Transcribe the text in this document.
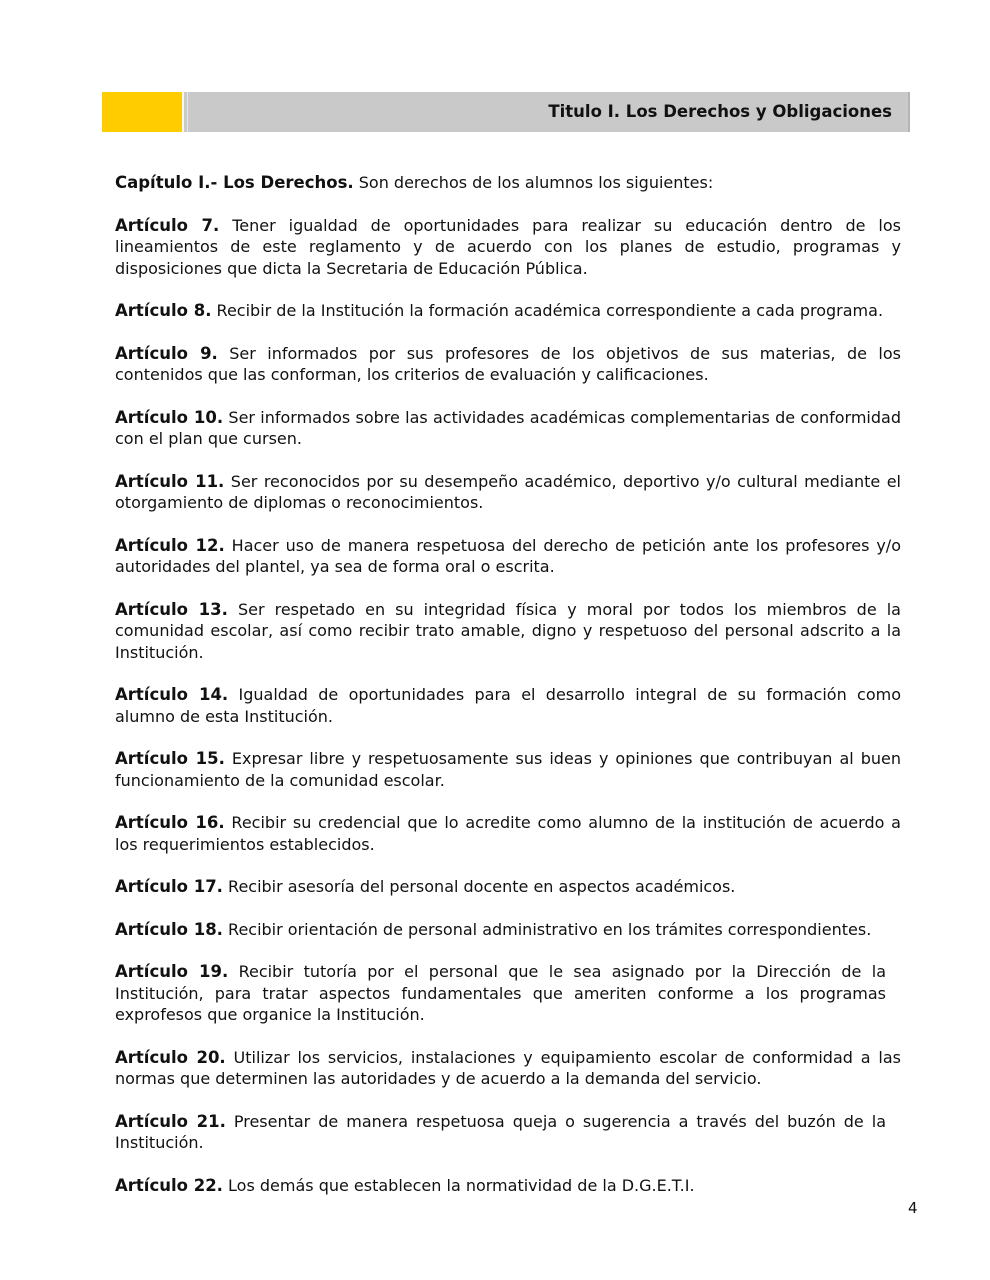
Titulo I. Los Derechos y Obligaciones

Capítulo I.- Los Derechos. Son derechos de los alumnos los siguientes:

Artículo 7. Tener igualdad de oportunidades para realizar su educación dentro de los lineamientos de este reglamento y de acuerdo con los planes de estudio, programas y disposiciones que dicta la Secretaria de Educación Pública.

Artículo 8. Recibir de la Institución la formación académica correspondiente a cada programa.

Artículo 9. Ser informados por sus profesores de los objetivos de sus materias, de los contenidos que las conforman, los criterios de evaluación y calificaciones.

Artículo 10. Ser informados sobre las actividades académicas complementarias de conformidad con el plan que cursen.

Artículo 11. Ser reconocidos por su desempeño académico, deportivo y/o cultural mediante el otorgamiento de diplomas o reconocimientos.

Artículo 12. Hacer uso de manera respetuosa del derecho de petición ante los profesores y/o autoridades del plantel, ya sea de forma oral o escrita.

Artículo 13. Ser respetado en su integridad física y moral por todos los miembros de la comunidad escolar, así como recibir trato amable, digno y respetuoso del personal adscrito a la Institución.

Artículo 14. Igualdad de oportunidades para el desarrollo integral de su formación como alumno de esta Institución.

Artículo 15. Expresar libre y respetuosamente sus ideas y opiniones que contribuyan al buen funcionamiento de la comunidad escolar.

Artículo 16. Recibir su credencial que lo acredite como alumno de la institución de acuerdo a los requerimientos establecidos.

Artículo 17. Recibir asesoría del personal docente en aspectos académicos.

Artículo 18. Recibir orientación de personal administrativo en los trámites correspondientes.

Artículo 19. Recibir tutoría por el personal que le sea asignado por la Dirección de la Institución, para tratar aspectos fundamentales que ameriten conforme a los programas exprofesos que organice la Institución.

Artículo 20. Utilizar los servicios, instalaciones y equipamiento escolar de conformidad a las normas que determinen las autoridades y de acuerdo a la demanda del servicio.

Artículo 21. Presentar de manera respetuosa queja o sugerencia a través del buzón de la Institución.

Artículo 22. Los demás que establecen la normatividad de la D.G.E.T.I.

4
